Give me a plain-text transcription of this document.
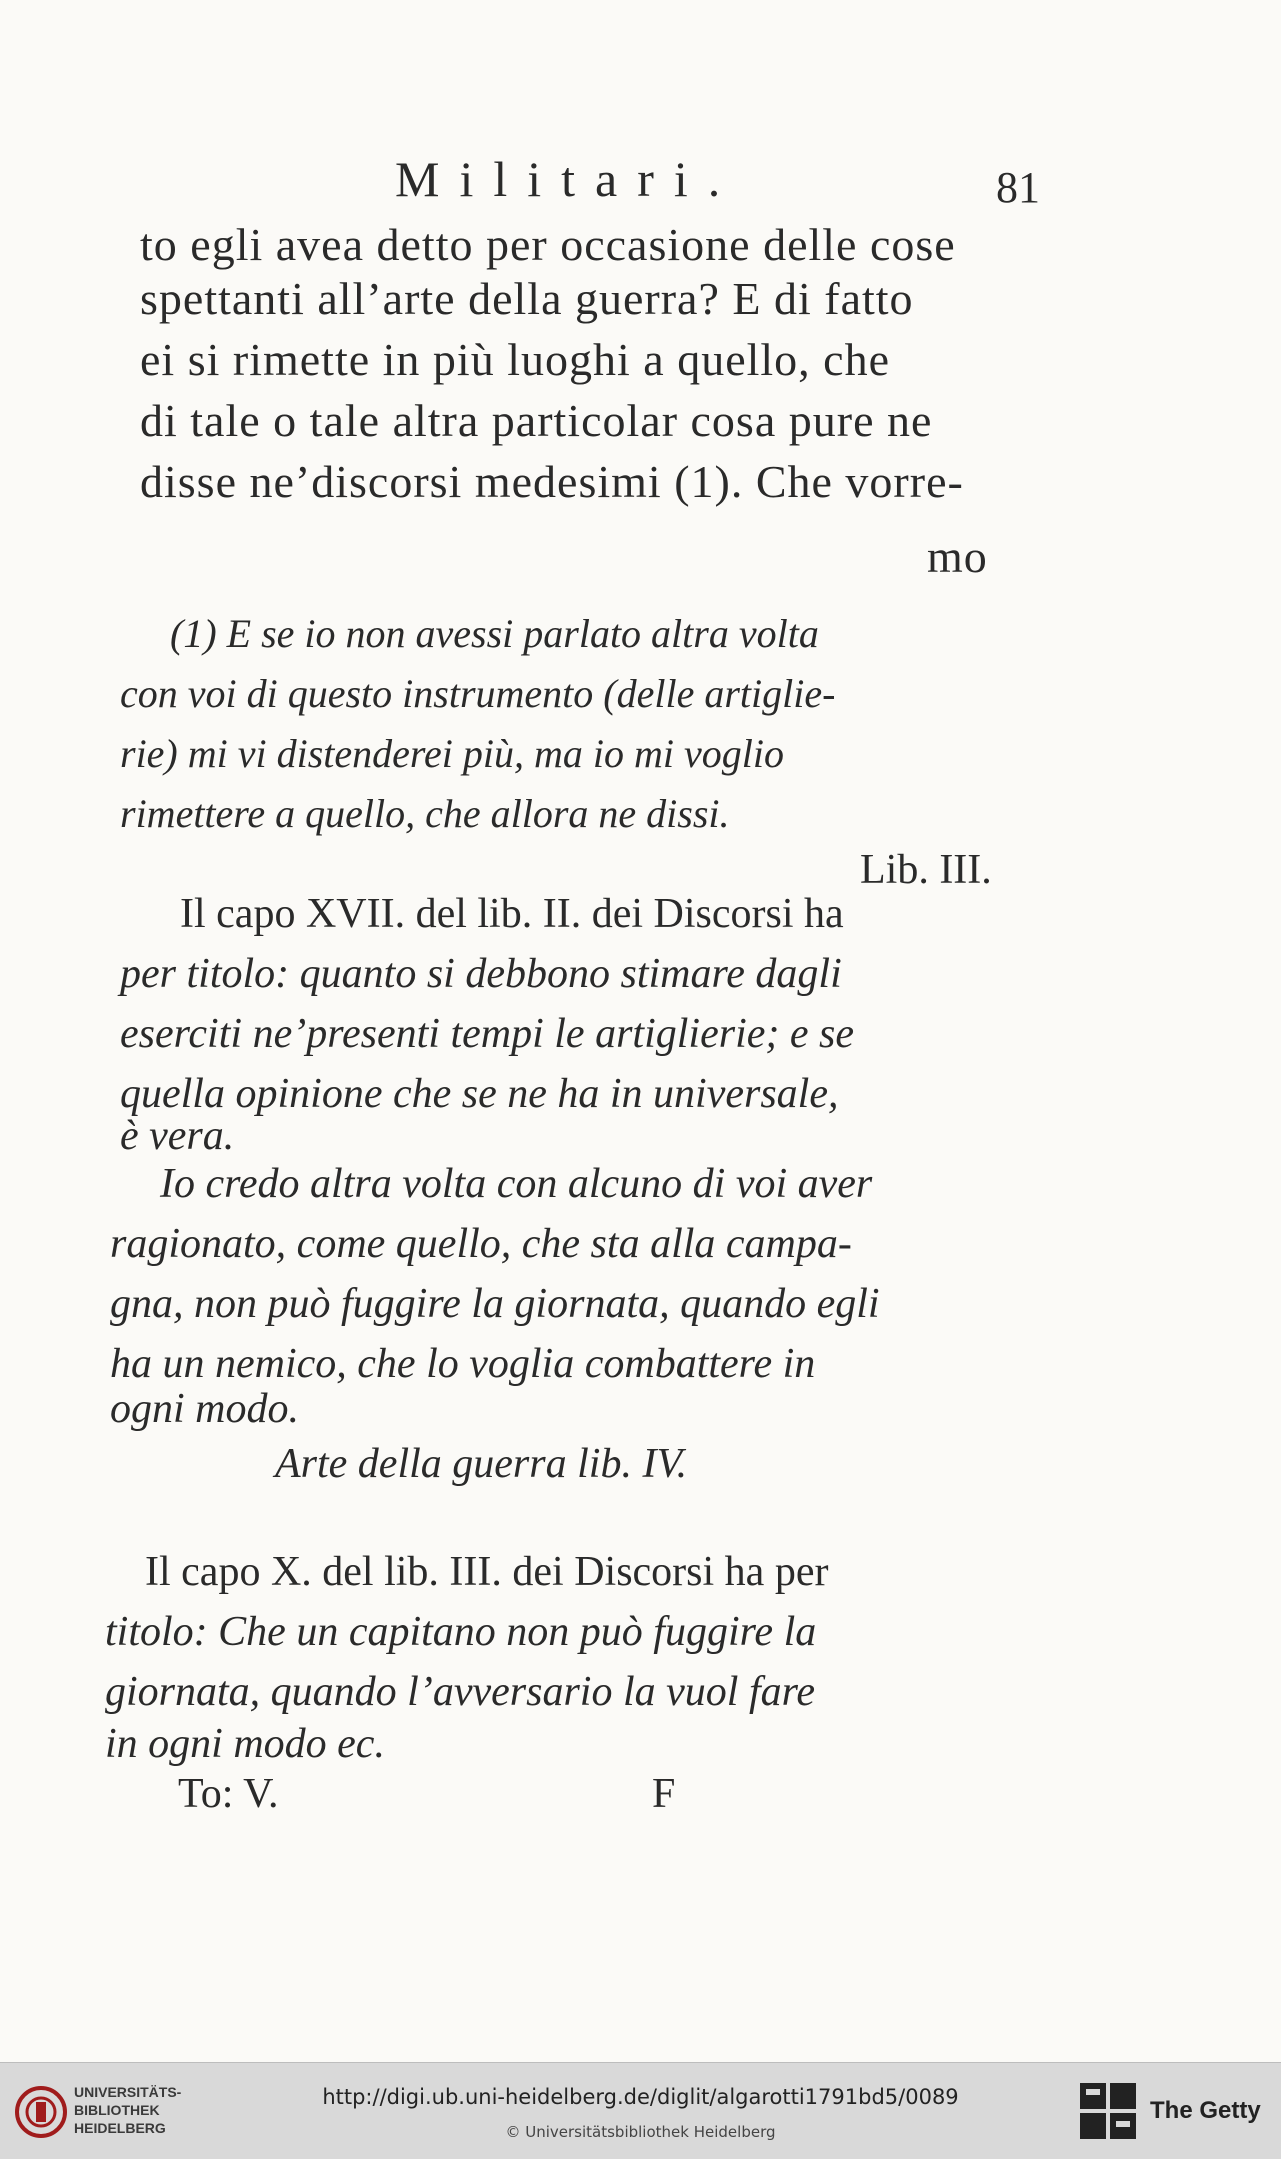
Militari.	81
to egli avea detto per occasione delle cose
spettanti all’arte della guerra? E di fatto
ei si rimette in più luoghi a quello, che
di tale o tale altra particolar cosa pure ne
disse ne’discorsi medesimi (1). Che vorre-
mo
(1) E se io non avessi parlato altra volta
con voi di questo instrumento (delle artiglie-
rie) mi vi distenderei più, ma io mi voglio
rimettere a quello, che allora ne dissi.
Lib. III.
Il capo XVII. del lib. II. dei Discorsi ha
per titolo: quanto si debbono stimare dagli
eserciti ne’presenti tempi le artiglierie; e se
quella opinione che se ne ha in universale,
è vera.
Io credo altra volta con alcuno di voi aver
ragionato, come quello, che sta alla campa-
gna, non può fuggire la giornata, quando egli
ha un nemico, che lo voglia combattere in
ogni modo.
Arte della guerra lib. IV.
Il capo X. del lib. III. dei Discorsi ha per
titolo: Che un capitano non può fuggire la
giornata, quando l’avversario la vuol fare
in ogni modo ec.
To: V.	F
UNIVERSITÄTS-
BIBLIOTHEK
HEIDELBERG
http://digi.ub.uni-heidelberg.de/diglit/algarotti1791bd5/0089
© Universitätsbibliothek Heidelberg
The Getty
